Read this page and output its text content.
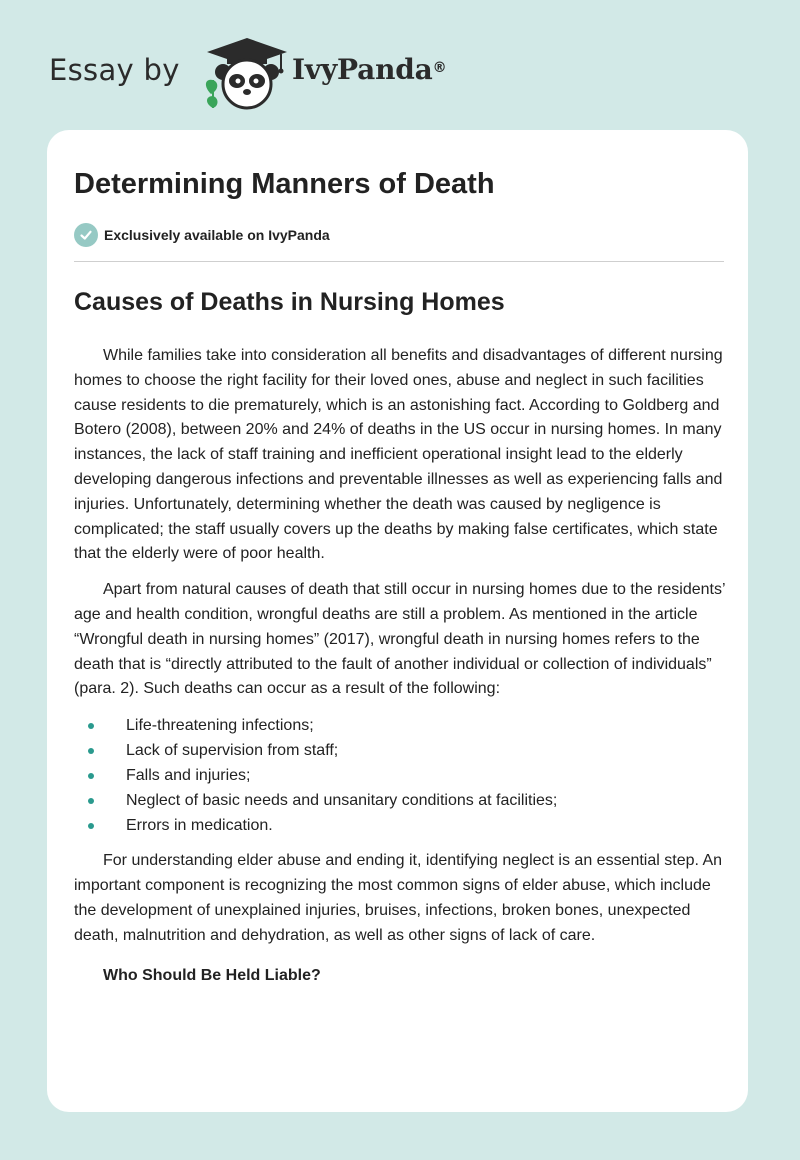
Essay by	IvyPanda®
Determining Manners of Death
Exclusively available on IvyPanda
Causes of Deaths in Nursing Homes

While families take into consideration all benefits and disadvantages of different nursing homes to choose the right facility for their loved ones, abuse and neglect in such facilities cause residents to die prematurely, which is an astonishing fact. According to Goldberg and Botero (2008), between 20% and 24% of deaths in the US occur in nursing homes. In many instances, the lack of staff training and inefficient operational insight lead to the elderly developing dangerous infections and preventable illnesses as well as experiencing falls and injuries. Unfortunately, determining whether the death was caused by negligence is complicated; the staff usually covers up the deaths by making false certificates, which state that the elderly were of poor health.

Apart from natural causes of death that still occur in nursing homes due to the residents’ age and health condition, wrongful deaths are still a problem. As mentioned in the article “Wrongful death in nursing homes” (2017), wrongful death in nursing homes refers to the death that is “directly attributed to the fault of another individual or collection of individuals” (para. 2). Such deaths can occur as a result of the following:

Life-threatening infections;
Lack of supervision from staff;
Falls and injuries;
Neglect of basic needs and unsanitary conditions at facilities;
Errors in medication.

For understanding elder abuse and ending it, identifying neglect is an essential step. An important component is recognizing the most common signs of elder abuse, which include the development of unexplained injuries, bruises, infections, broken bones, unexpected death, malnutrition and dehydration, as well as other signs of lack of care.

Who Should Be Held Liable?
